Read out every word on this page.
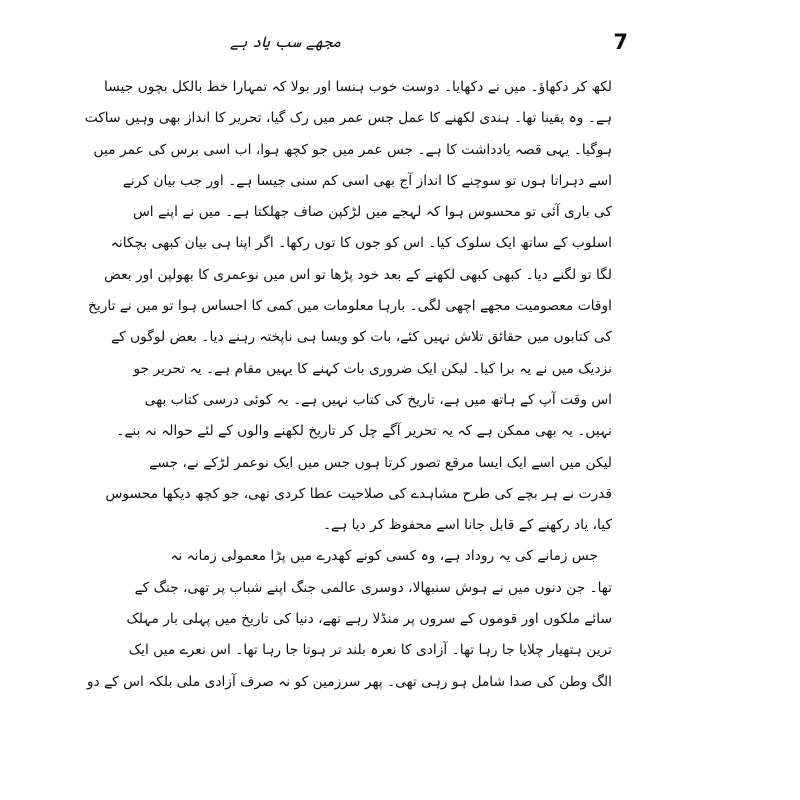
مجھے سب یاد ہے	7
لکھ کر دکھاؤ۔ میں نے دکھایا۔ دوست خوب ہنسا اور بولا کہ تمہارا خط بالکل بچوں جیسا
ہے۔ وہ یقینا تھا۔ ہندی لکھنے کا عمل جس عمر میں رک گیا، تحریر کا انداز بھی وہیں ساکت
ہوگیا۔ یہی قصہ یادداشت کا ہے۔ جس عمر میں جو کچھ ہوا، اب اسی برس کی عمر میں
اسے دہراتا ہوں تو سوچنے کا انداز آج بھی اسی کم سنی جیسا ہے۔ اور جب بیان کرنے
کی باری آئی تو محسوس ہوا کہ لہجے میں لڑکپن صاف جھلکتا ہے۔ میں نے اپنے اس
اسلوب کے ساتھ ایک سلوک کیا۔ اس کو جوں کا توں رکھا۔ اگر اپنا ہی بیان کبھی بچکانہ
لگا تو لگنے دیا۔ کبھی کبھی لکھنے کے بعد خود پڑھا تو اس میں نوعمری کا بھولپن اور بعض
اوقات معصومیت مجھے اچھی لگی۔ بارہا معلومات میں کمی کا احساس ہوا تو میں نے تاریخ
کی کتابوں میں حقائق تلاش نہیں کئے، بات کو ویسا ہی ناپختہ رہنے دیا۔ بعض لوگوں کے
نزدیک میں نے یہ برا کیا۔ لیکن ایک ضروری بات کہنے کا یہیں مقام ہے۔ یہ تحریر جو
اس وقت آپ کے ہاتھ میں ہے، تاریخ کی کتاب نہیں ہے۔ یہ کوئی درسی کتاب بھی
نہیں۔ یہ بھی ممکن ہے کہ یہ تحریر آگے چل کر تاریخ لکھنے والوں کے لئے حوالہ نہ بنے۔
لیکن میں اسے ایک ایسا مرقع تصور کرتا ہوں جس میں ایک نوعمر لڑکے نے، جسے
قدرت نے ہر بچے کی طرح مشاہدے کی صلاحیت عطا کردی تھی، جو کچھ دیکھا محسوس
کیا، یاد رکھنے کے قابل جانا اسے محفوظ کر دیا ہے۔
جس زمانے کی یہ روداد ہے، وہ کسی کونے کھدرے میں پڑا معمولی زمانہ نہ
تھا۔ جن دنوں میں نے ہوش سنبھالا، دوسری عالمی جنگ اپنے شباب پر تھی، جنگ کے
سائے ملکوں اور قوموں کے سروں پر منڈلا رہے تھے، دنیا کی تاریخ میں پہلی بار مہلک
ترین ہتھیار چلایا جا رہا تھا۔ آزادی کا نعرہ بلند تر ہوتا جا رہا تھا۔ اس نعرے میں ایک
الگ وطن کی صدا شامل ہو رہی تھی۔ پھر سرزمین کو نہ صرف آزادی ملی بلکہ اس کے دو
